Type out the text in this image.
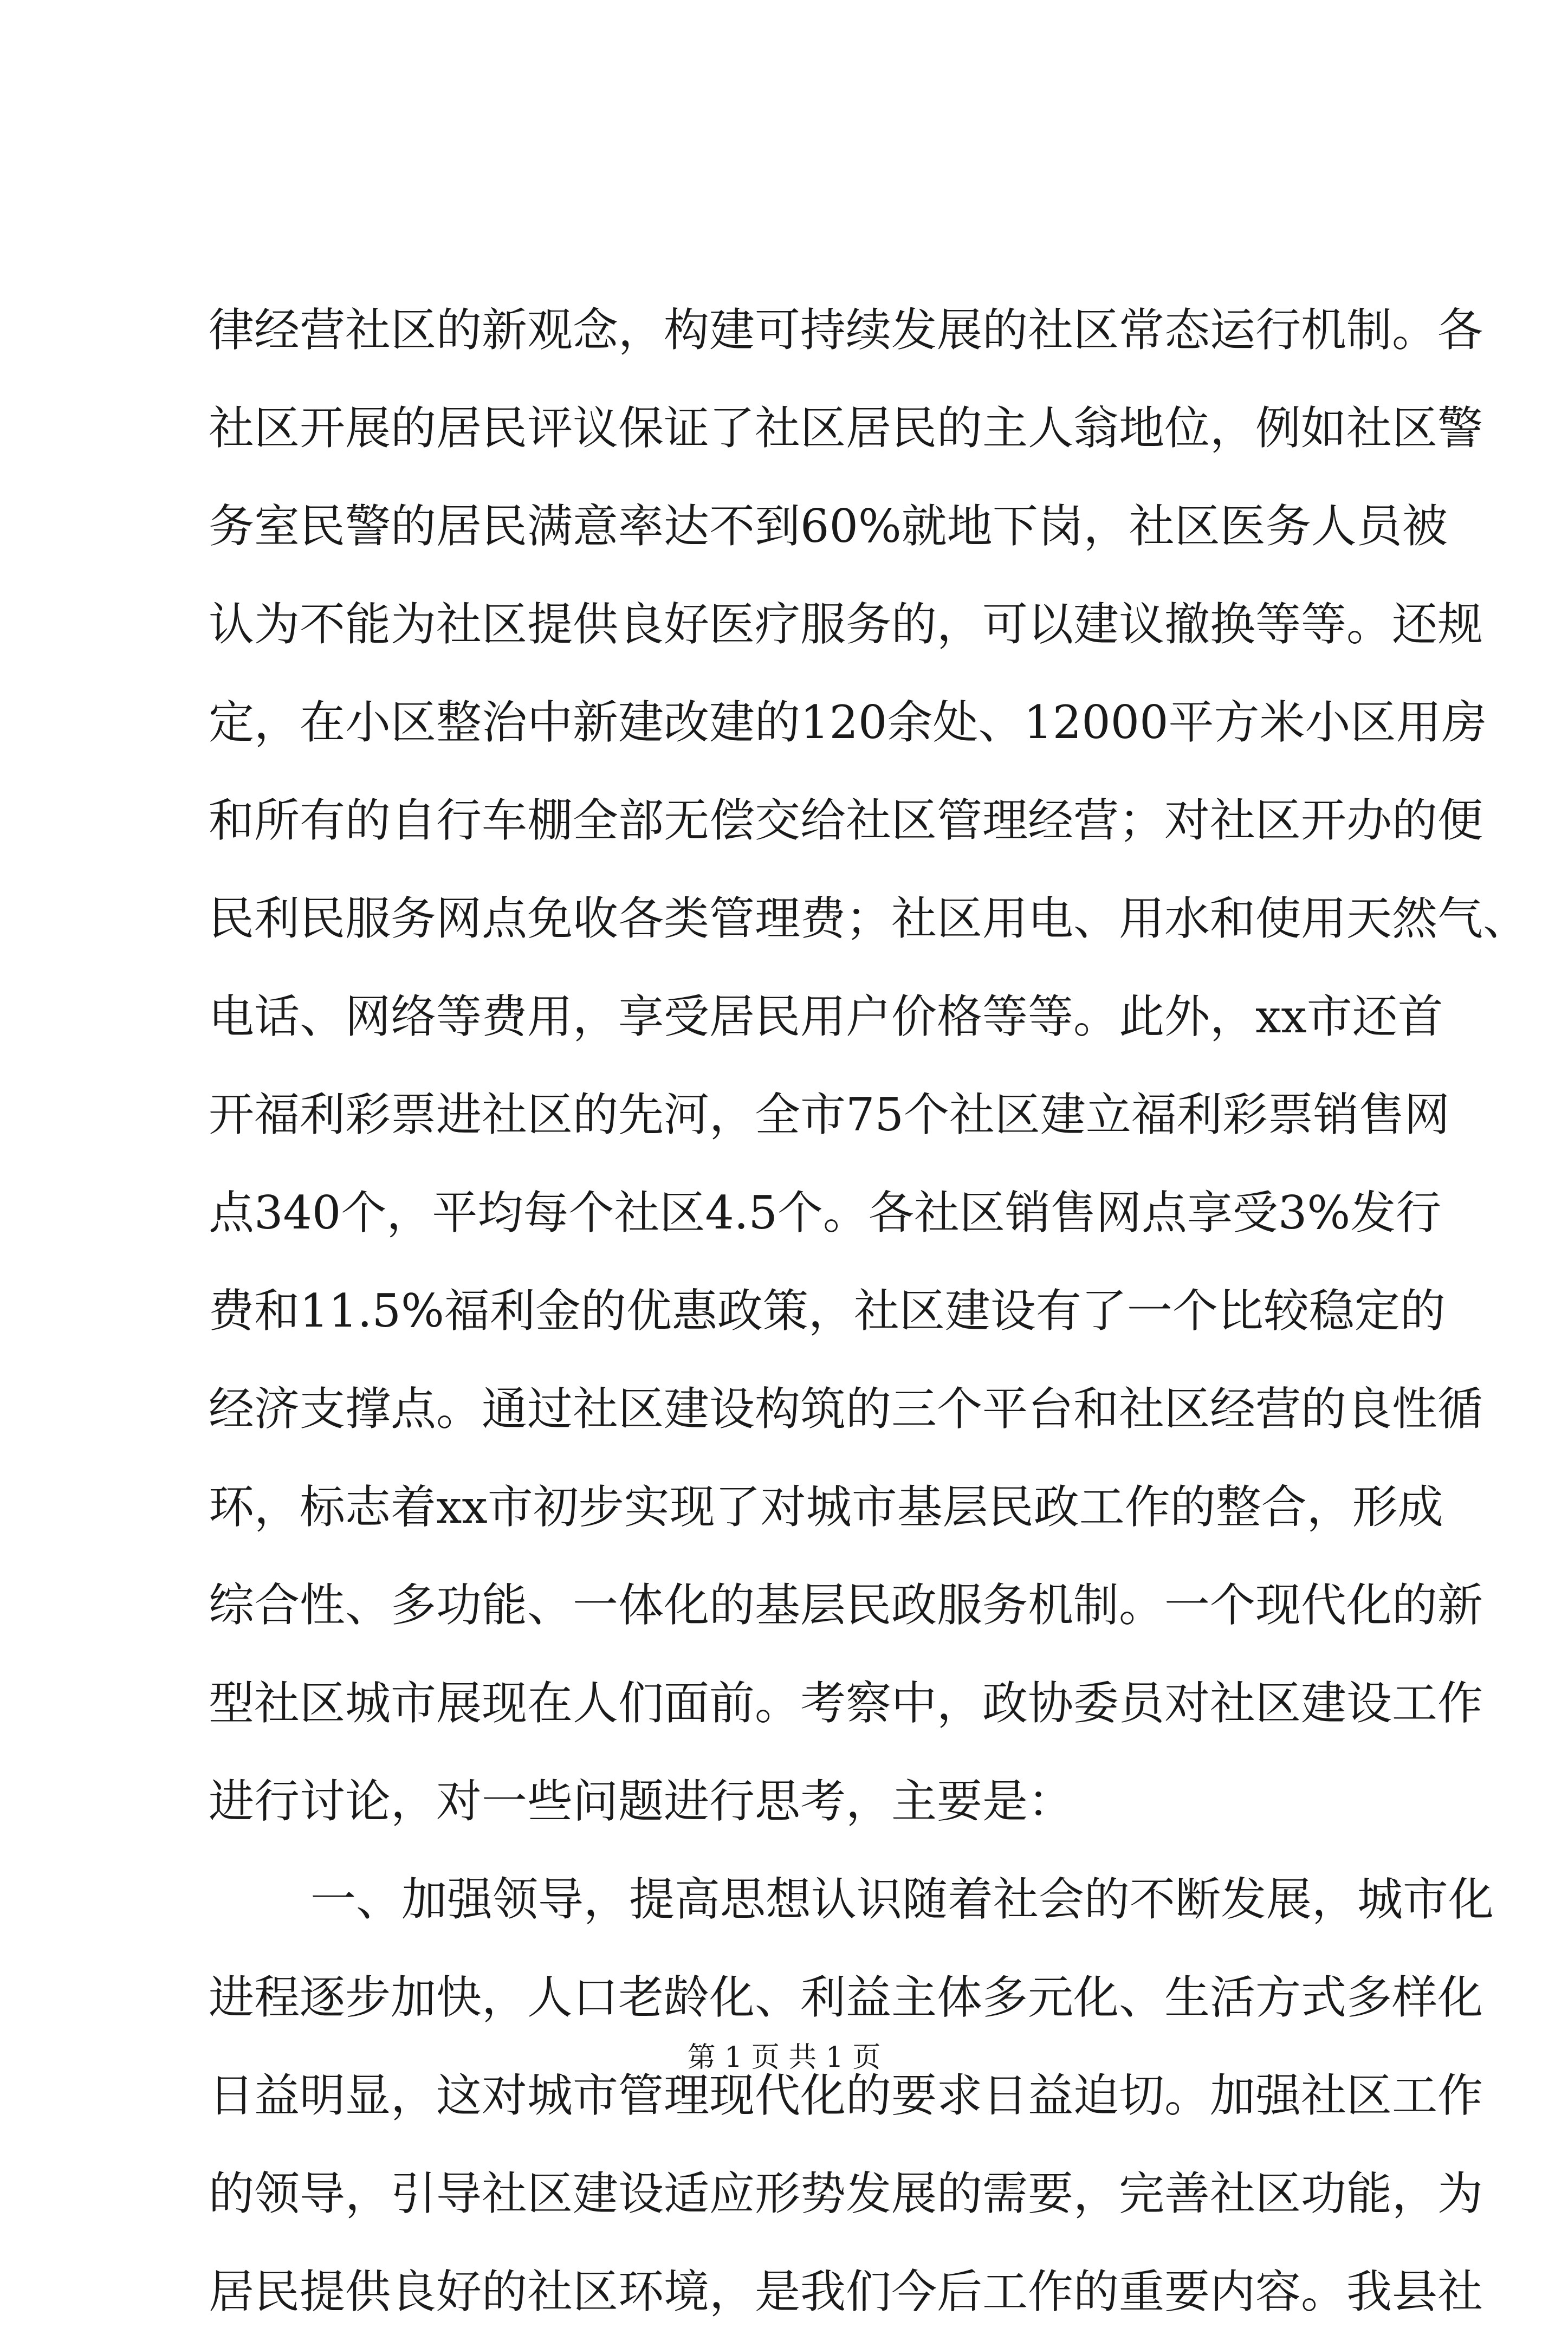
律经营社区的新观念，构建可持续发展的社区常态运行机制。各
社区开展的居民评议保证了社区居民的主人翁地位，例如社区警
务室民警的居民满意率达不到60%就地下岗，社区医务人员被
认为不能为社区提供良好医疗服务的，可以建议撤换等等。还规
定，在小区整治中新建改建的120余处、12000平方米小区用房
和所有的自行车棚全部无偿交给社区管理经营；对社区开办的便
民利民服务网点免收各类管理费；社区用电、用水和使用天然气、
电话、网络等费用，享受居民用户价格等等。此外，xx市还首
开福利彩票进社区的先河，全市75个社区建立福利彩票销售网
点340个，平均每个社区4.5个。各社区销售网点享受3%发行
费和11.5%福利金的优惠政策，社区建设有了一个比较稳定的
经济支撑点。通过社区建设构筑的三个平台和社区经营的良性循
环，标志着xx市初步实现了对城市基层民政工作的整合，形成
综合性、多功能、一体化的基层民政服务机制。一个现代化的新
型社区城市展现在人们面前。考察中，政协委员对社区建设工作
进行讨论，对一些问题进行思考，主要是：
一、加强领导，提高思想认识随着社会的不断发展，城市化
进程逐步加快，人口老龄化、利益主体多元化、生活方式多样化
日益明显，这对城市管理现代化的要求日益迫切。加强社区工作
的领导，引导社区建设适应形势发展的需要，完善社区功能，为
居民提供良好的社区环境，是我们今后工作的重要内容。我县社
第 1 页 共 1 页
